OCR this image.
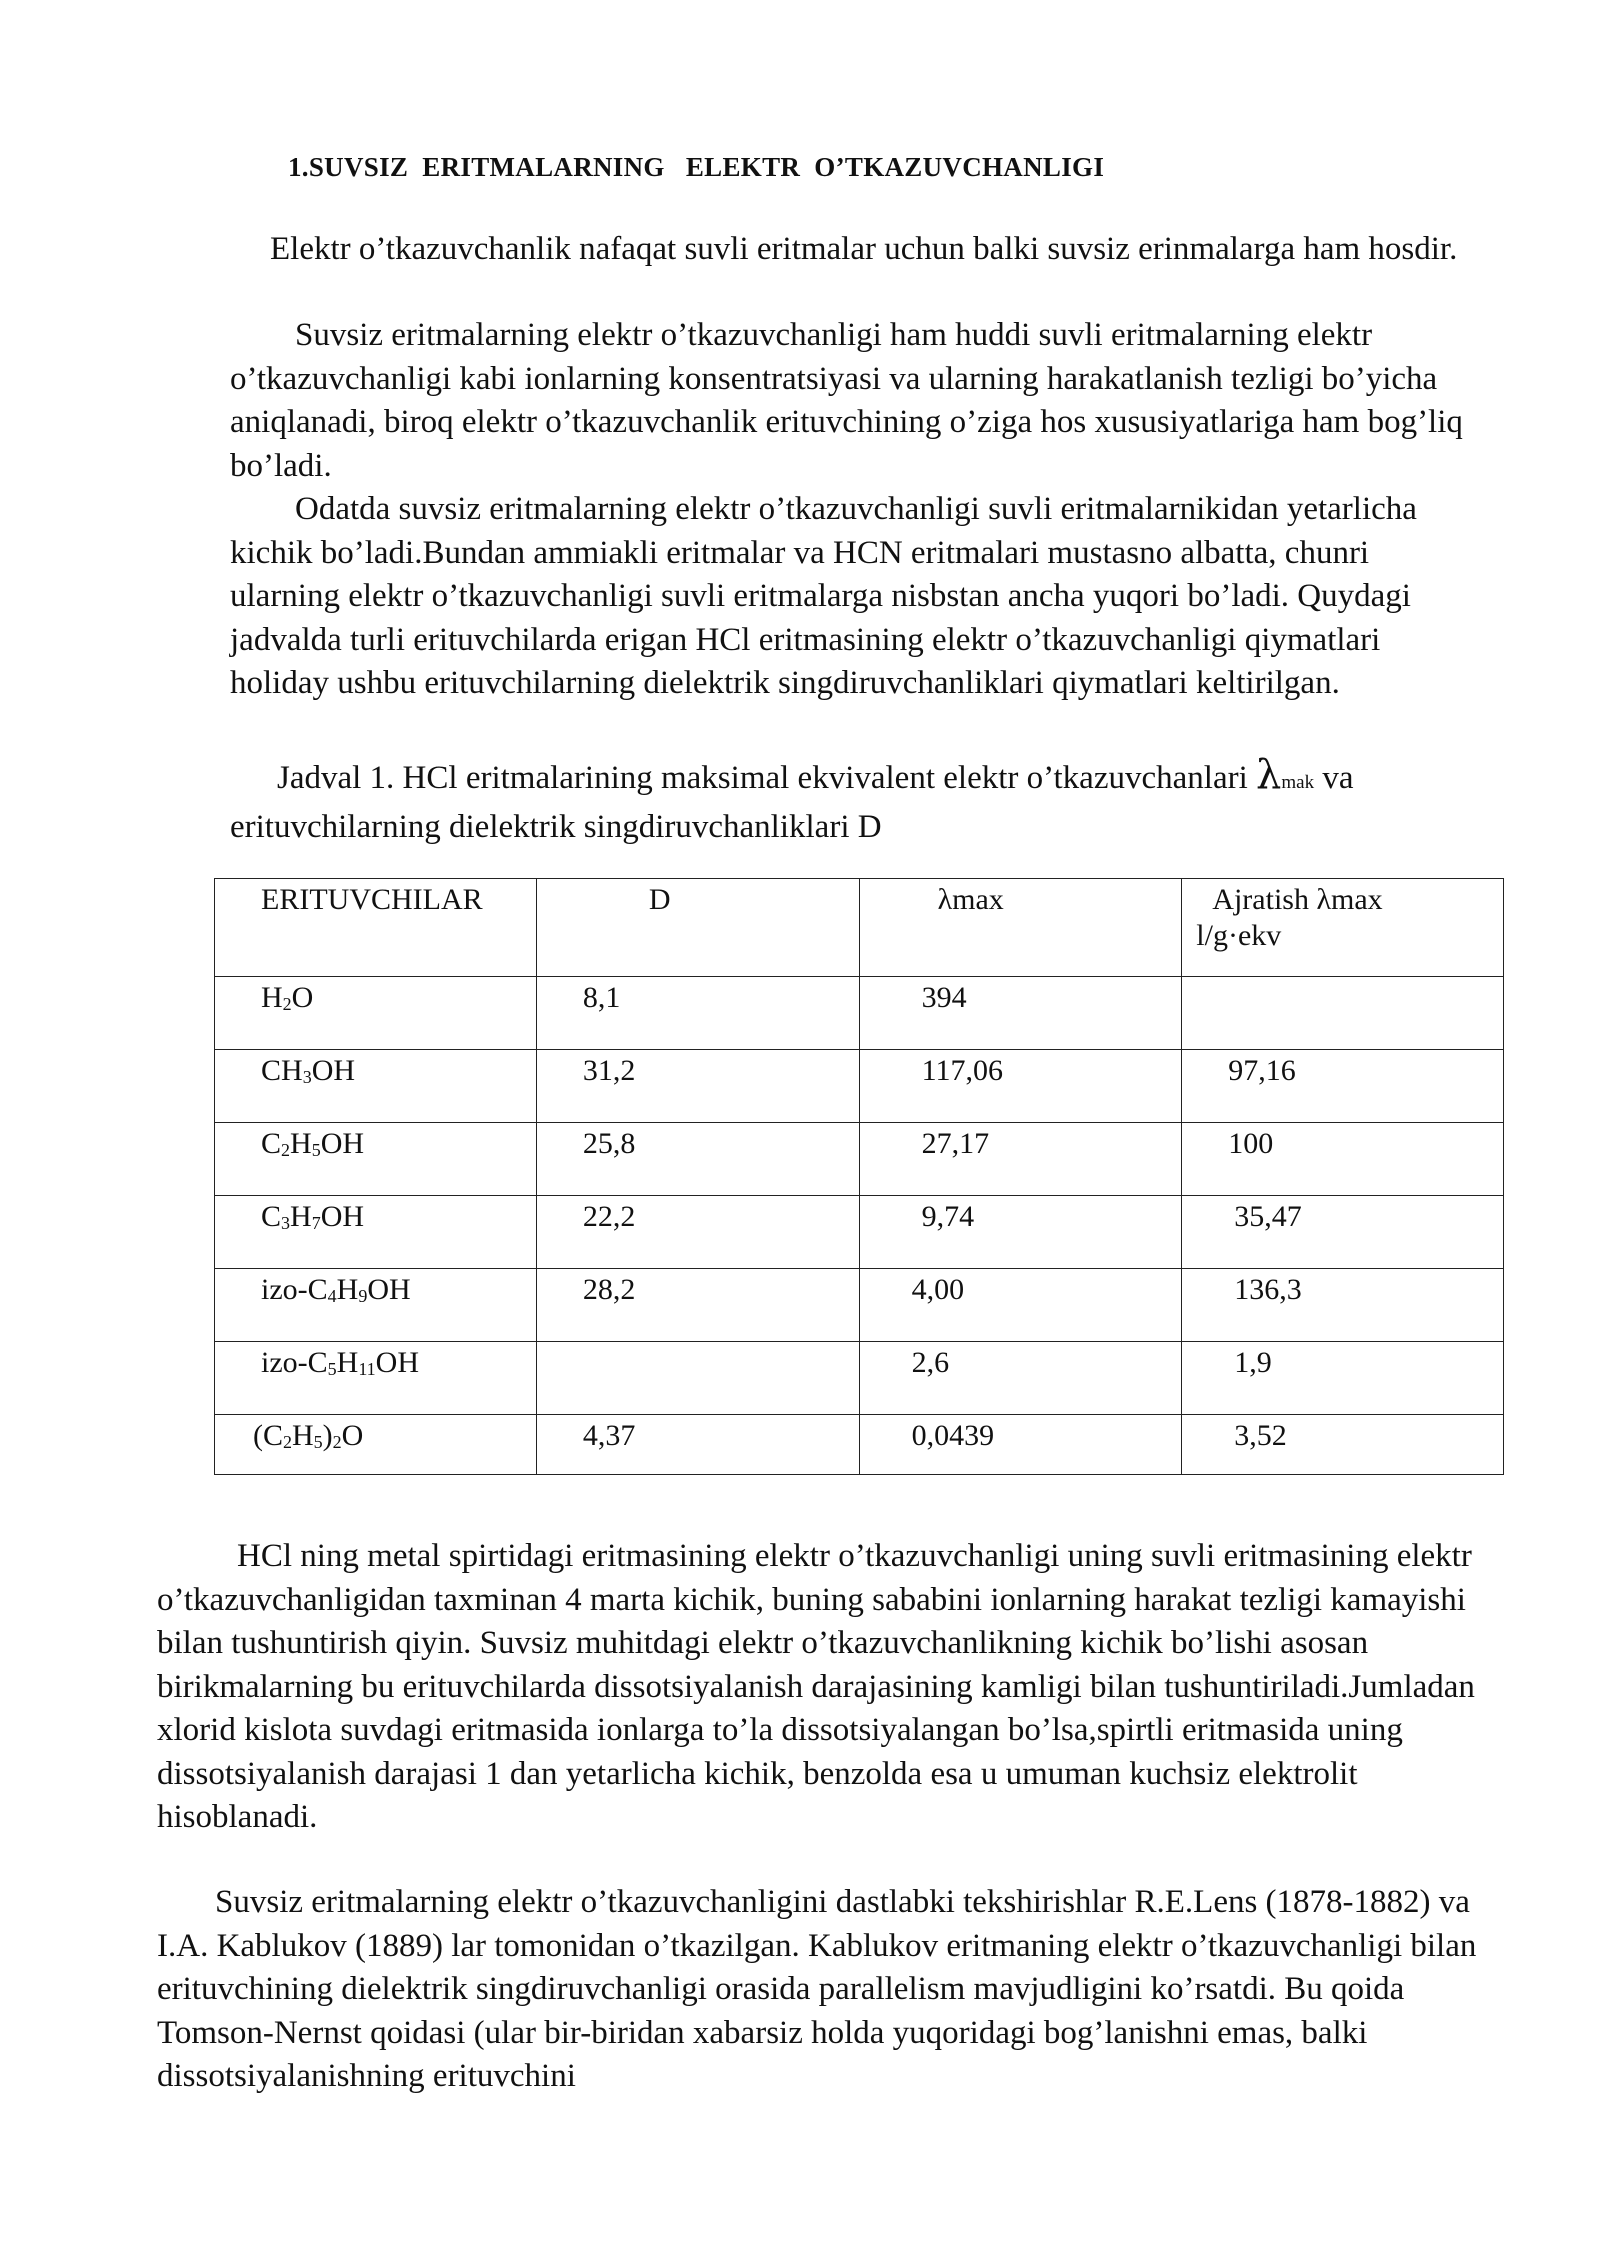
1.SUVSIZ  ERITMALARNING   ELEKTR  O’TKAZUVCHANLIGI

Elektr o’tkazuvchanlik nafaqat suvli eritmalar uchun balki suvsiz erinmalarga ham hosdir.

Suvsiz eritmalarning elektr o’tkazuvchanligi ham huddi suvli eritmalarning elektr o’tkazuvchanligi kabi ionlarning konsentratsiyasi va ularning harakatlanish tezligi bo’yicha aniqlanadi, biroq elektr o’tkazuvchanlik erituvchining o’ziga hos xususiyatlariga ham bog’liq bo’ladi.

Odatda suvsiz eritmalarning elektr o’tkazuvchanligi suvli eritmalarnikidan yetarlicha kichik bo’ladi.Bundan ammiakli eritmalar va HCN eritmalari mustasno albatta, chunri ularning elektr o’tkazuvchanligi suvli eritmalarga nisbstan ancha yuqori bo’ladi. Quydagi jadvalda turli erituvchilarda erigan HCl eritmasining elektr o’tkazuvchanligi qiymatlari holiday ushbu erituvchilarning dielektrik singdiruvchanliklari qiymatlari keltirilgan.

Jadval 1. HCl eritmalarining maksimal ekvivalent elektr o’tkazuvchanlari λmak va erituvchilarning dielektrik singdiruvchanliklari D

ERITUVCHILAR	D	λmax	Ajratish λmax
l/g·ekv

$H_2O$	8,1	394	

$CH_3OH$	31,2	117,06	97,16

$C_2H_5OH$	25,8	27,17	100

$C_3H_7OH$	22,2	9,74	35,47

izo-$C_4H_9OH$	28,2	4,00	136,3

izo-$C_5H_{11}OH$		2,6	1,9

$(C_2H_5)_2O$	4,37	0,0439	3,52

HCl ning metal spirtidagi eritmasining elektr o’tkazuvchanligi uning suvli eritmasining elektr o’tkazuvchanligidan taxminan 4 marta kichik, buning sababini ionlarning harakat tezligi kamayishi bilan tushuntirish qiyin. Suvsiz muhitdagi elektr o’tkazuvchanlikning kichik bo’lishi asosan birikmalarning bu erituvchilarda dissotsiyalanish darajasining kamligi bilan tushuntiriladi.Jumladan xlorid kislota suvdagi eritmasida ionlarga to’la dissotsiyalangan bo’lsa,spirtli eritmasida uning dissotsiyalanish darajasi 1 dan yetarlicha kichik, benzolda esa u umuman kuchsiz elektrolit hisoblanadi.

Suvsiz eritmalarning elektr o’tkazuvchanligini dastlabki tekshirishlar R.E.Lens (1878-1882) va I.A. Kablukov (1889) lar tomonidan o’tkazilgan. Kablukov eritmaning elektr o’tkazuvchanligi bilan erituvchining dielektrik singdiruvchanligi orasida parallelism mavjudligini ko’rsatdi. Bu qoida Tomson-Nernst qoidasi (ular bir-biridan xabarsiz holda yuqoridagi bog’lanishni emas, balki dissotsiyalanishning erituvchini
